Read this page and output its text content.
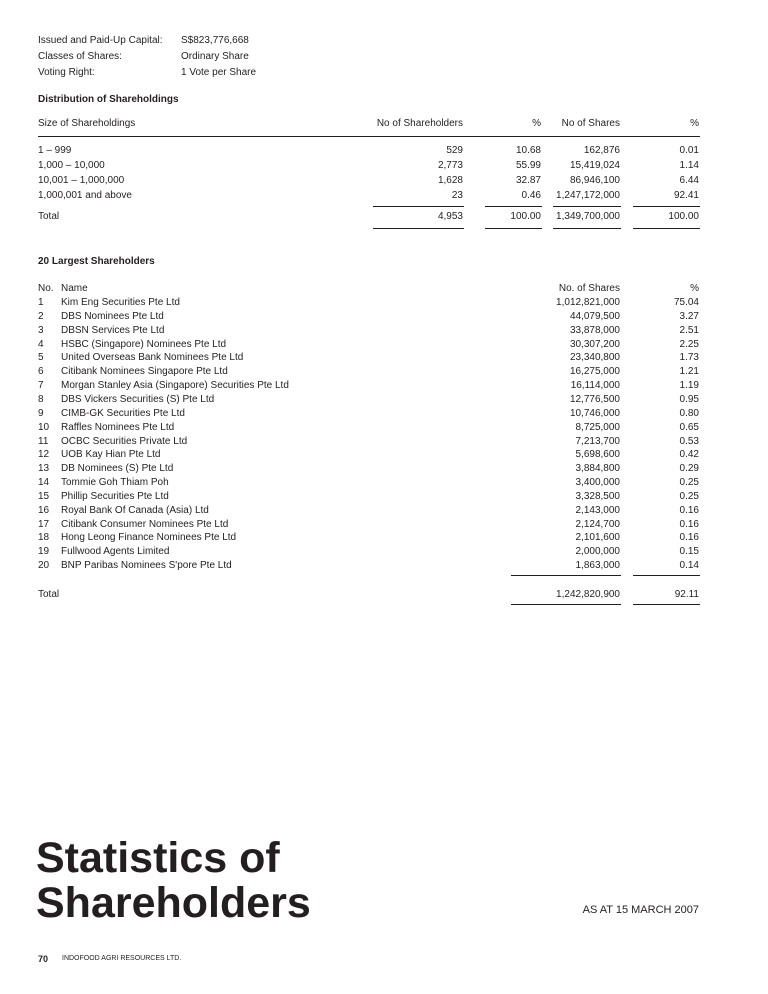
Issued and Paid-Up Capital: S$823,776,668
Classes of Shares:	Ordinary Share
Voting Right:	1 Vote per Share
Distribution of Shareholdings
Size of Shareholdings	No of Shareholders	% No of Shares	%
1 – 999	529	10.68	162,876	0.01
1,000 – 10,000	2,773	55.99	15,419,024	1.14
10,001 – 1,000,000	1,628	32.87	86,946,100	6.44
1,000,001 and above	23	0.46 1,247,172,000	92.41
Total	4,953	100.00 1,349,700,000	100.00
20 Largest Shareholders
No. Name	No. of Shares	%
1 Kim Eng Securities Pte Ltd	1,012,821,000	75.04
2 DBS Nominees Pte Ltd	44,079,500	3.27
3 DBSN Services Pte Ltd	33,878,000	2.51
4 HSBC (Singapore) Nominees Pte Ltd	30,307,200	2.25
5 United Overseas Bank Nominees Pte Ltd	23,340,800	1.73
6 Citibank Nominees Singapore Pte Ltd	16,275,000	1.21
7 Morgan Stanley Asia (Singapore) Securities Pte Ltd	16,114,000	1.19
8 DBS Vickers Securities (S) Pte Ltd	12,776,500	0.95
9 CIMB-GK Securities Pte Ltd	10,746,000	0.80
10 Raffles Nominees Pte Ltd	8,725,000	0.65
11 OCBC Securities Private Ltd	7,213,700	0.53
12 UOB Kay Hian Pte Ltd	5,698,600	0.42
13 DB Nominees (S) Pte Ltd	3,884,800	0.29
14 Tommie Goh Thiam Poh	3,400,000	0.25
15 Phillip Securities Pte Ltd	3,328,500	0.25
16 Royal Bank Of Canada (Asia) Ltd	2,143,000	0.16
17 Citibank Consumer Nominees Pte Ltd	2,124,700	0.16
18 Hong Leong Finance Nominees Pte Ltd	2,101,600	0.16
19 Fullwood Agents Limited	2,000,000	0.15
20 BNP Paribas Nominees S'pore Pte Ltd	1,863,000	0.14
Total	1,242,820,900	92.11
Statistics of
Shareholders	AS AT 15 MARCH 2007
70 INDOFOOD AGRI RESOURCES LTD.
